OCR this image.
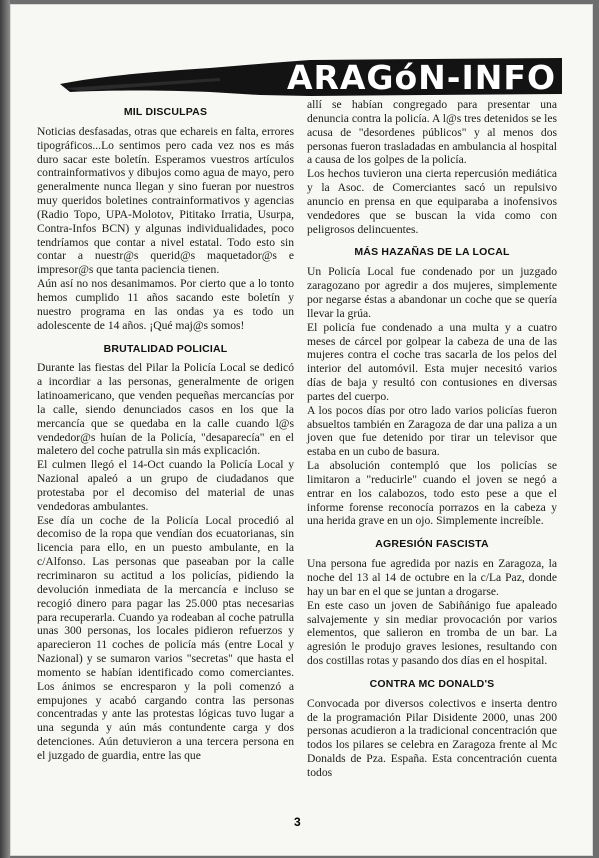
ARAGóN-INFO
MIL DISCULPAS

Noticias desfasadas, otras que echareis en falta, errores tipográficos...Lo sentimos pero cada vez nos es más duro sacar este boletín. Esperamos vuestros artículos contrainformativos y dibujos como agua de mayo, pero generalmente nunca llegan y sino fueran por nuestros muy queridos boletines contrainformativos y agencias (Radio Topo, UPA-Molotov, Pititako Irratia, Usurpa, Contra-Infos BCN) y algunas individualidades, poco tendríamos que contar a nivel estatal. Todo esto sin contar a nuestr@s querid@s maquetador@s e impresor@s que tanta paciencia tienen.

Aún así no nos desanimamos. Por cierto que a lo tonto hemos cumplido 11 años sacando este boletín y nuestro programa en las ondas ya es todo un adolescente de 14 años. ¡Qué maj@s somos!

BRUTALIDAD POLICIAL

Durante las fiestas del Pilar la Policía Local se dedicó a incordiar a las personas, generalmente de origen latinoamericano, que venden pequeñas mercancías por la calle, siendo denunciados casos en los que la mercancía que se quedaba en la calle cuando l@s vendedor@s huían de la Policía, "desaparecía" en el maletero del coche patrulla sin más explicación.

El culmen llegó el 14-Oct cuando la Policía Local y Nazional apaleó a un grupo de ciudadanos que protestaba por el decomiso del material de unas vendedoras ambulantes.

Ese día un coche de la Policía Local procedió al decomiso de la ropa que vendían dos ecuatorianas, sin licencia para ello, en un puesto ambulante, en la c/Alfonso. Las personas que paseaban por la calle recriminaron su actitud a los policías, pidiendo la devolución inmediata de la mercancía e incluso se recogió dinero para pagar las 25.000 ptas necesarias para recuperarla. Cuando ya rodeaban al coche patrulla unas 300 personas, los locales pidieron refuerzos y aparecieron 11 coches de policía más (entre Local y Nazional) y se sumaron varios "secretas" que hasta el momento se habían identificado como comerciantes. Los ánimos se encresparon y la poli comenzó a empujones y acabó cargando contra las personas concentradas y ante las protestas lógicas tuvo lugar a una segunda y aún más contundente carga y dos detenciones. Aún detuvieron a una tercera persona en el juzgado de guardia, entre las que

allí se habían congregado para presentar una denuncia contra la policía. A l@s tres detenidos se les acusa de "desordenes públicos" y al menos dos personas fueron trasladadas en ambulancia al hospital a causa de los golpes de la policía.

Los hechos tuvieron una cierta repercusión mediática y la Asoc. de Comerciantes sacó un repulsivo anuncio en prensa en que equiparaba a inofensivos vendedores que se buscan la vida como con peligrosos delincuentes.

MÁS HAZAÑAS DE LA LOCAL

Un Policía Local fue condenado por un juzgado zaragozano por agredir a dos mujeres, simplemente por negarse éstas a abandonar un coche que se quería llevar la grúa.

El policía fue condenado a una multa y a cuatro meses de cárcel por golpear la cabeza de una de las mujeres contra el coche tras sacarla de los pelos del interior del automóvil. Esta mujer necesitó varios días de baja y resultó con contusiones en diversas partes del cuerpo.

A los pocos días por otro lado varios policías fueron absueltos también en Zaragoza de dar una paliza a un joven que fue detenido por tirar un televisor que estaba en un cubo de basura.

La absolución contempló que los policías se limitaron a "reducirle" cuando el joven se negó a entrar en los calabozos, todo esto pese a que el informe forense reconocía porrazos en la cabeza y una herida grave en un ojo. Simplemente increíble.

AGRESIÓN FASCISTA

Una persona fue agredida por nazis en Zaragoza, la noche del 13 al 14 de octubre en la c/La Paz, donde hay un bar en el que se juntan a drogarse.

En este caso un joven de Sabiñánigo fue apaleado salvajemente y sin mediar provocación por varios elementos, que salieron en tromba de un bar. La agresión le produjo graves lesiones, resultando con dos costillas rotas y pasando dos días en el hospital.

CONTRA MC DONALD'S

Convocada por diversos colectivos e inserta dentro de la programación Pilar Disidente 2000, unas 200 personas acudieron a la tradicional concentración que todos los pilares se celebra en Zaragoza frente al Mc Donalds de Pza. España. Esta concentración cuenta todos

3
